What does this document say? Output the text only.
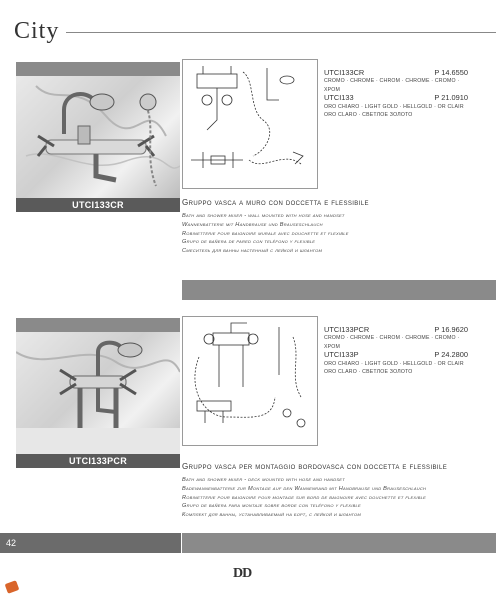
City
UTCI133CR
UTCI133CR	P 14.6550
CROMO · CHROME · CHROM · CHROME · CROMO · ХРОМ
UTCI133	P 21.0910
ORO CHIARO · LIGHT GOLD · HELLGOLD · OR CLAIR
ORO CLARO · СВЕТЛОЕ ЗОЛОТО
Gruppo vasca a muro con doccetta e flessibile
Bath and shower mixer - wall mounted with hose and handset
Wannenbatterie mit Handbrause und Brauseschlauch
Robinetterie pour baignoire murale avec douchette et flexible
Grupo de bañera de pared con teléfono y flexible
Смеситель для ванны настенный с лейкой и шлангом
UTCI133PCR
UTCI133PCR	P 16.9620
CROMO · CHROME · CHROM · CHROME · CROMO · ХРОМ
UTCI133P	P 24.2800
ORO CHIARO · LIGHT GOLD · HELLGOLD · OR CLAIR
ORO CLARO · СВЕТЛОЕ ЗОЛОТО
Gruppo vasca per montaggio bordovasca con doccetta e flessibile
Bath and shower mixer - deck mounted with hose and handset
Badewannenbatterie zur Montage auf den Wannenrand mit Handbrause und Brauseschlauch
Robinetterie pour baignoire pour montage sur bord de baignoire avec douchette et flexible
Grupo de bañera para montaje sobre borde con teléfono y flexible
Комплект для ванны, устанавливаемый на борт, с лейкой и шлангом
42
DD
